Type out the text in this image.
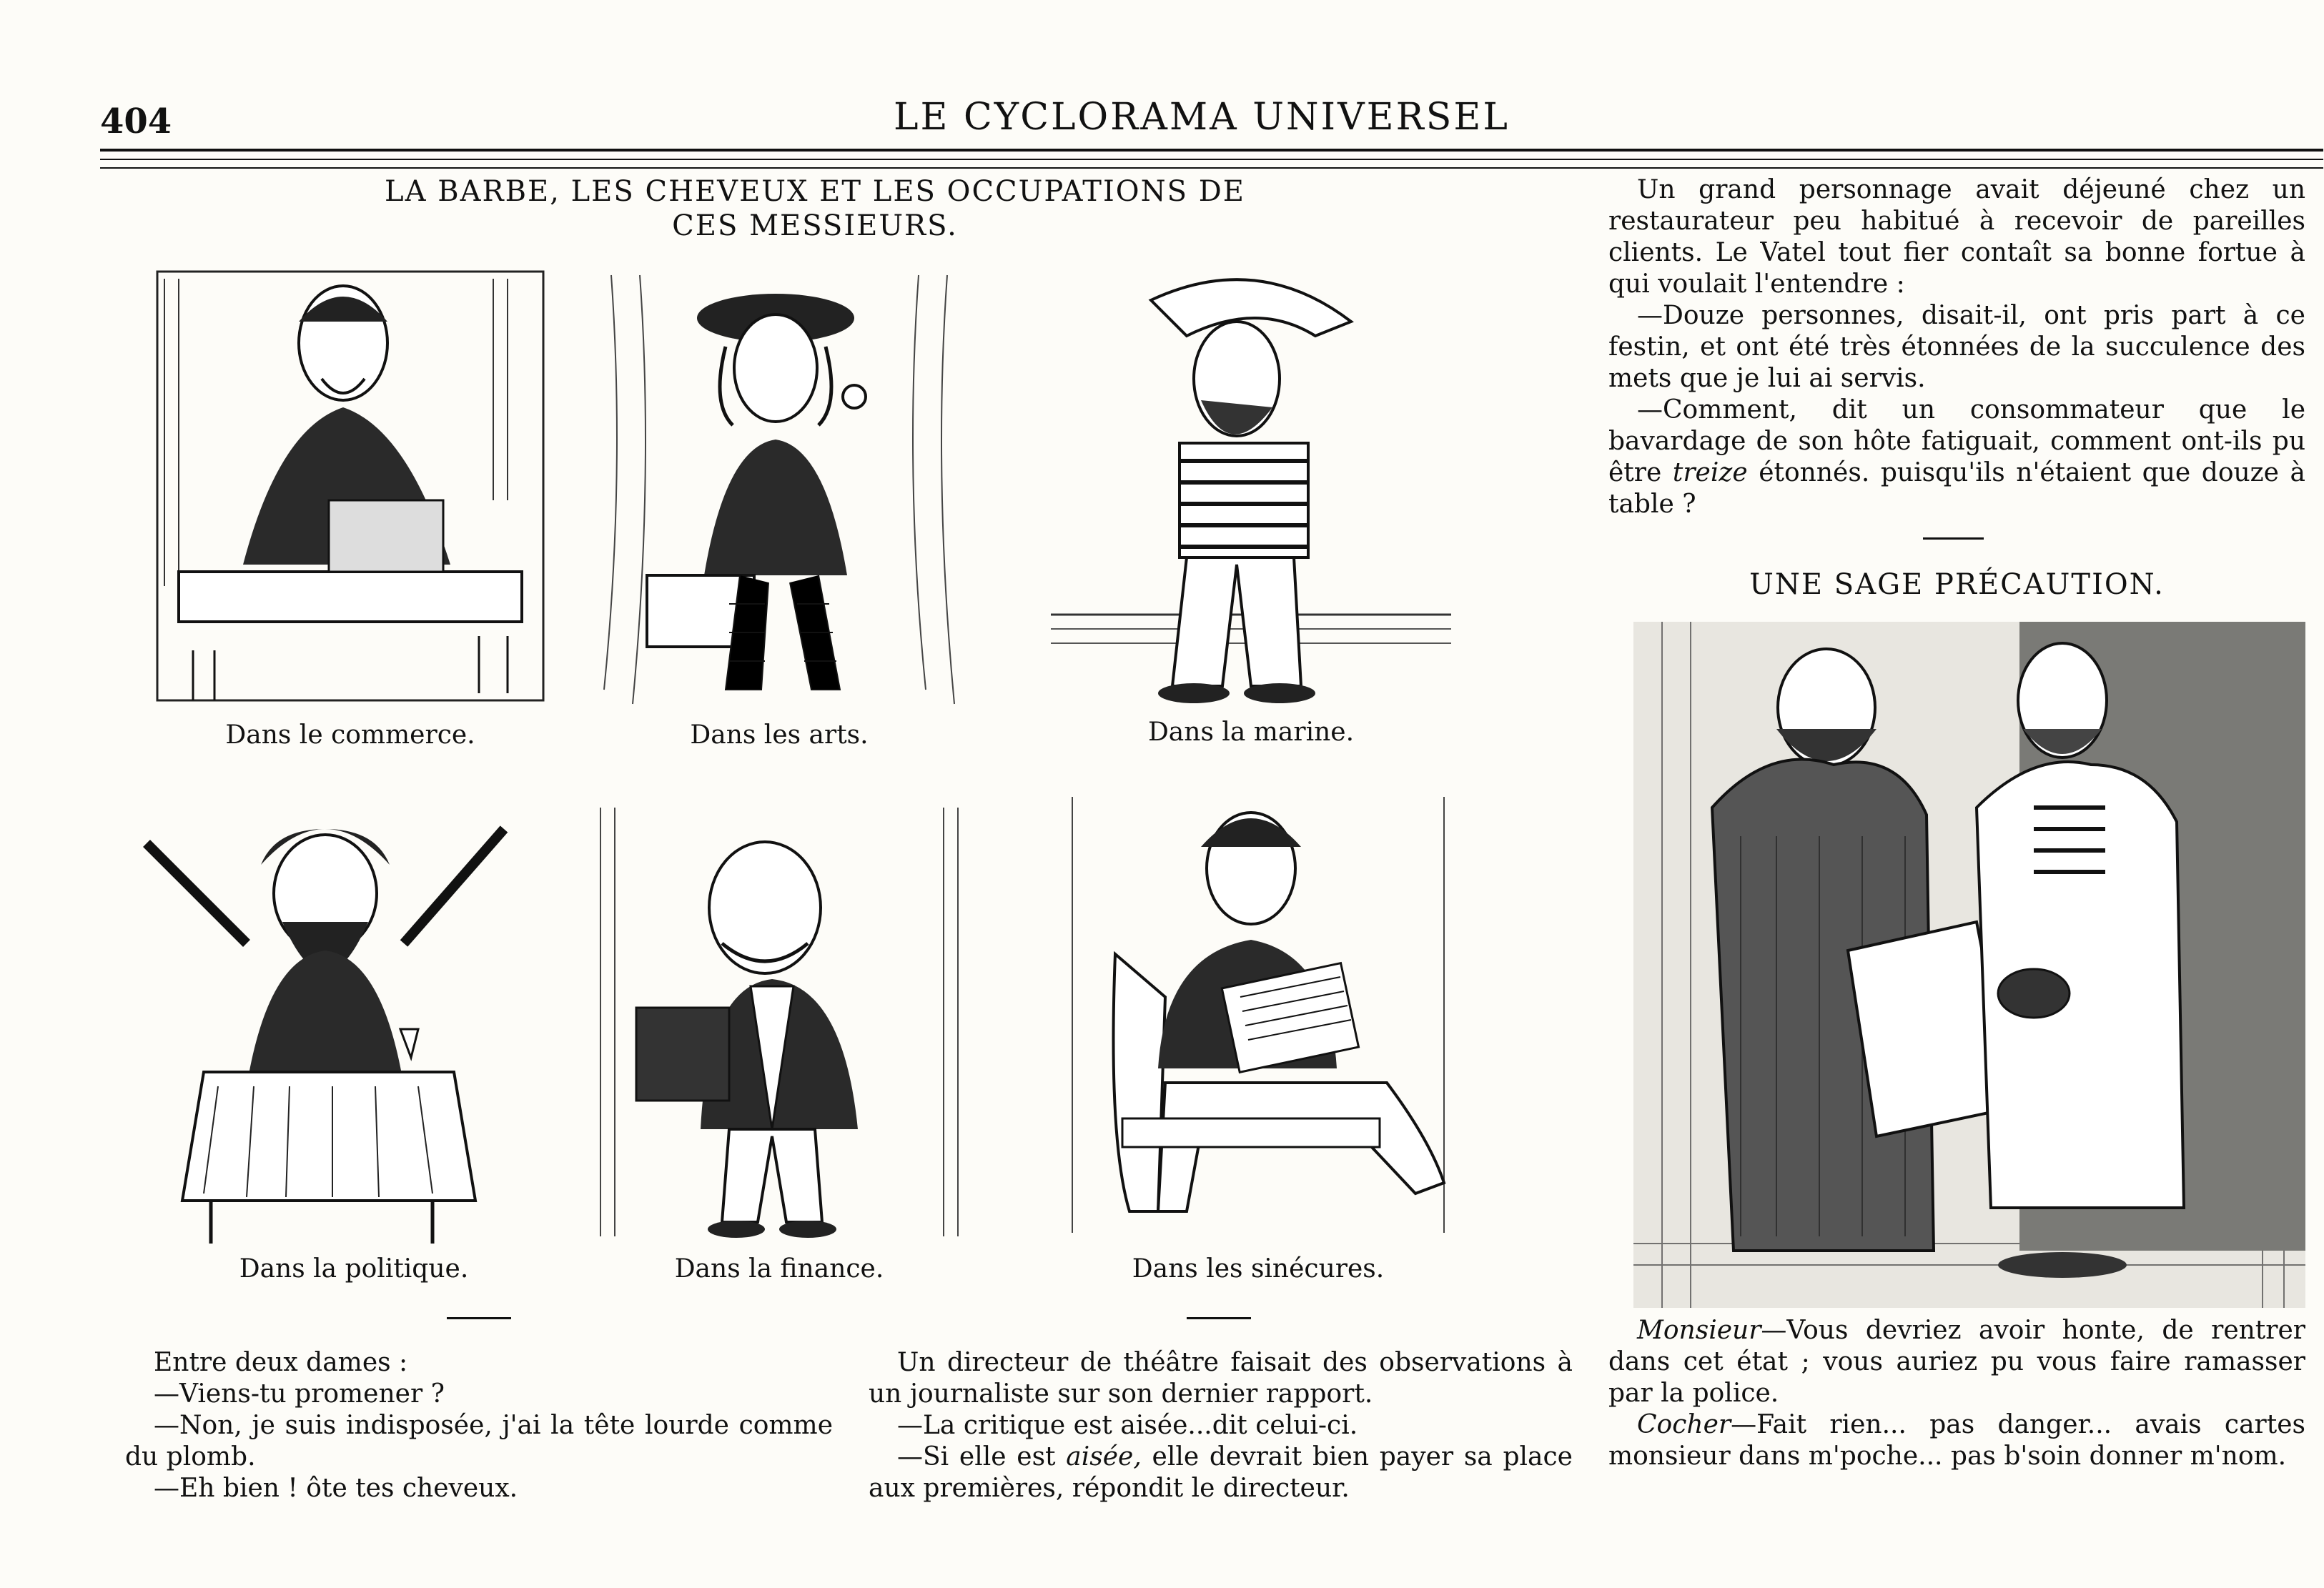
404	LE CYCLORAMA UNIVERSEL
LA BARBE, LES CHEVEUX ET LES OCCUPATIONS DE
CES MESSIEURS.
Dans le commerce.	Dans les arts.	Dans la marine.
Dans la politique.	Dans la finance.	Dans les sinécures.

Entre deux dames :

—Viens-tu promener ?

—Non, je suis indisposée, j'ai la tête lourde comme du plomb.

—Eh bien ! ôte tes cheveux.

Un directeur de théâtre faisait des observations à un journaliste sur son dernier rapport.

—La critique est aisée...dit celui-ci.

—Si elle est aisée, elle devrait bien payer sa place aux premières, répondit le directeur.

Un grand personnage avait déjeuné chez un restaurateur peu habitué à recevoir de pareilles clients. Le Vatel tout fier contaît sa bonne fortue à qui voulait l'entendre :

—Douze personnes, disait-il, ont pris part à ce festin, et ont été très étonnées de la succulence des mets que je lui ai servis.

—Comment, dit un consommateur que le bavardage de son hôte fatiguait, comment ont-ils pu être treize étonnés. puisqu'ils n'étaient que douze à table ?

UNE SAGE PRÉCAUTION.

Monsieur—Vous devriez avoir honte, de rentrer dans cet état ; vous auriez pu vous faire ramasser par la police.

Cocher—Fait rien... pas danger... avais cartes monsieur dans m'poche... pas b'soin donner m'nom.
